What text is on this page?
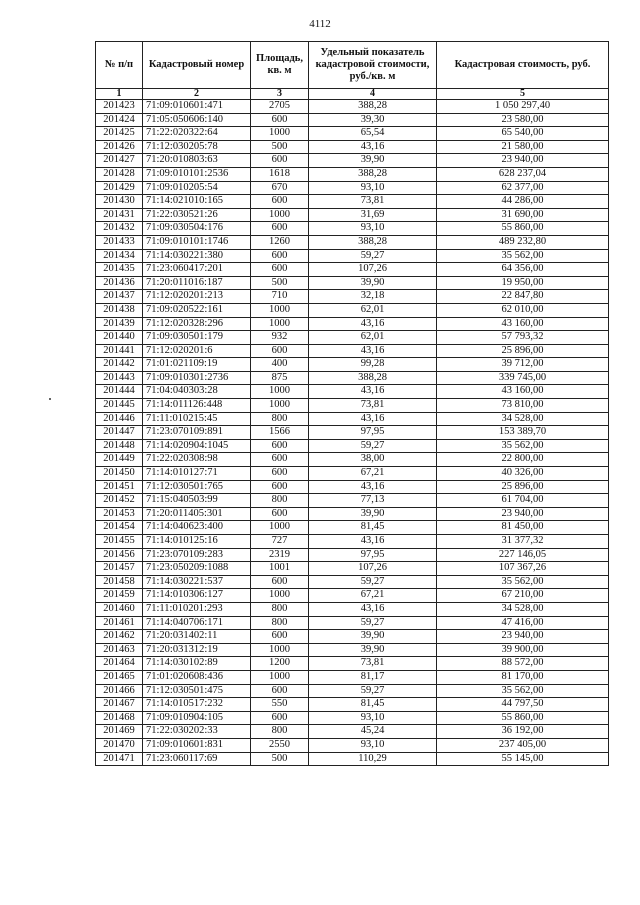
4112
№ п/п	Кадастровый номер	Площадь, кв. м	Удельный показатель кадастровой стоимости, руб./кв. м	Кадастровая стоимость, руб.
1	2	3	4	5
201423	71:09:010601:471	2705	388,28	1 050 297,40
201424	71:05:050606:140	600	39,30	23 580,00
201425	71:22:020322:64	1000	65,54	65 540,00
201426	71:12:030205:78	500	43,16	21 580,00
201427	71:20:010803:63	600	39,90	23 940,00
201428	71:09:010101:2536	1618	388,28	628 237,04
201429	71:09:010205:54	670	93,10	62 377,00
201430	71:14:021010:165	600	73,81	44 286,00
201431	71:22:030521:26	1000	31,69	31 690,00
201432	71:09:030504:176	600	93,10	55 860,00
201433	71:09:010101:1746	1260	388,28	489 232,80
201434	71:14:030221:380	600	59,27	35 562,00
201435	71:23:060417:201	600	107,26	64 356,00
201436	71:20:011016:187	500	39,90	19 950,00
201437	71:12:020201:213	710	32,18	22 847,80
201438	71:09:020522:161	1000	62,01	62 010,00
201439	71:12:020328:296	1000	43,16	43 160,00
201440	71:09:030501:179	932	62,01	57 793,32
201441	71:12:020201:6	600	43,16	25 896,00
201442	71:01:021109:19	400	99,28	39 712,00
201443	71:09:010301:2736	875	388,28	339 745,00
201444	71:04:040303:28	1000	43,16	43 160,00
201445	71:14:011126:448	1000	73,81	73 810,00
201446	71:11:010215:45	800	43,16	34 528,00
201447	71:23:070109:891	1566	97,95	153 389,70
201448	71:14:020904:1045	600	59,27	35 562,00
201449	71:22:020308:98	600	38,00	22 800,00
201450	71:14:010127:71	600	67,21	40 326,00
201451	71:12:030501:765	600	43,16	25 896,00
201452	71:15:040503:99	800	77,13	61 704,00
201453	71:20:011405:301	600	39,90	23 940,00
201454	71:14:040623:400	1000	81,45	81 450,00
201455	71:14:010125:16	727	43,16	31 377,32
201456	71:23:070109:283	2319	97,95	227 146,05
201457	71:23:050209:1088	1001	107,26	107 367,26
201458	71:14:030221:537	600	59,27	35 562,00
201459	71:14:010306:127	1000	67,21	67 210,00
201460	71:11:010201:293	800	43,16	34 528,00
201461	71:14:040706:171	800	59,27	47 416,00
201462	71:20:031402:11	600	39,90	23 940,00
201463	71:20:031312:19	1000	39,90	39 900,00
201464	71:14:030102:89	1200	73,81	88 572,00
201465	71:01:020608:436	1000	81,17	81 170,00
201466	71:12:030501:475	600	59,27	35 562,00
201467	71:14:010517:232	550	81,45	44 797,50
201468	71:09:010904:105	600	93,10	55 860,00
201469	71:22:030202:33	800	45,24	36 192,00
201470	71:09:010601:831	2550	93,10	237 405,00
201471	71:23:060117:69	500	110,29	55 145,00
